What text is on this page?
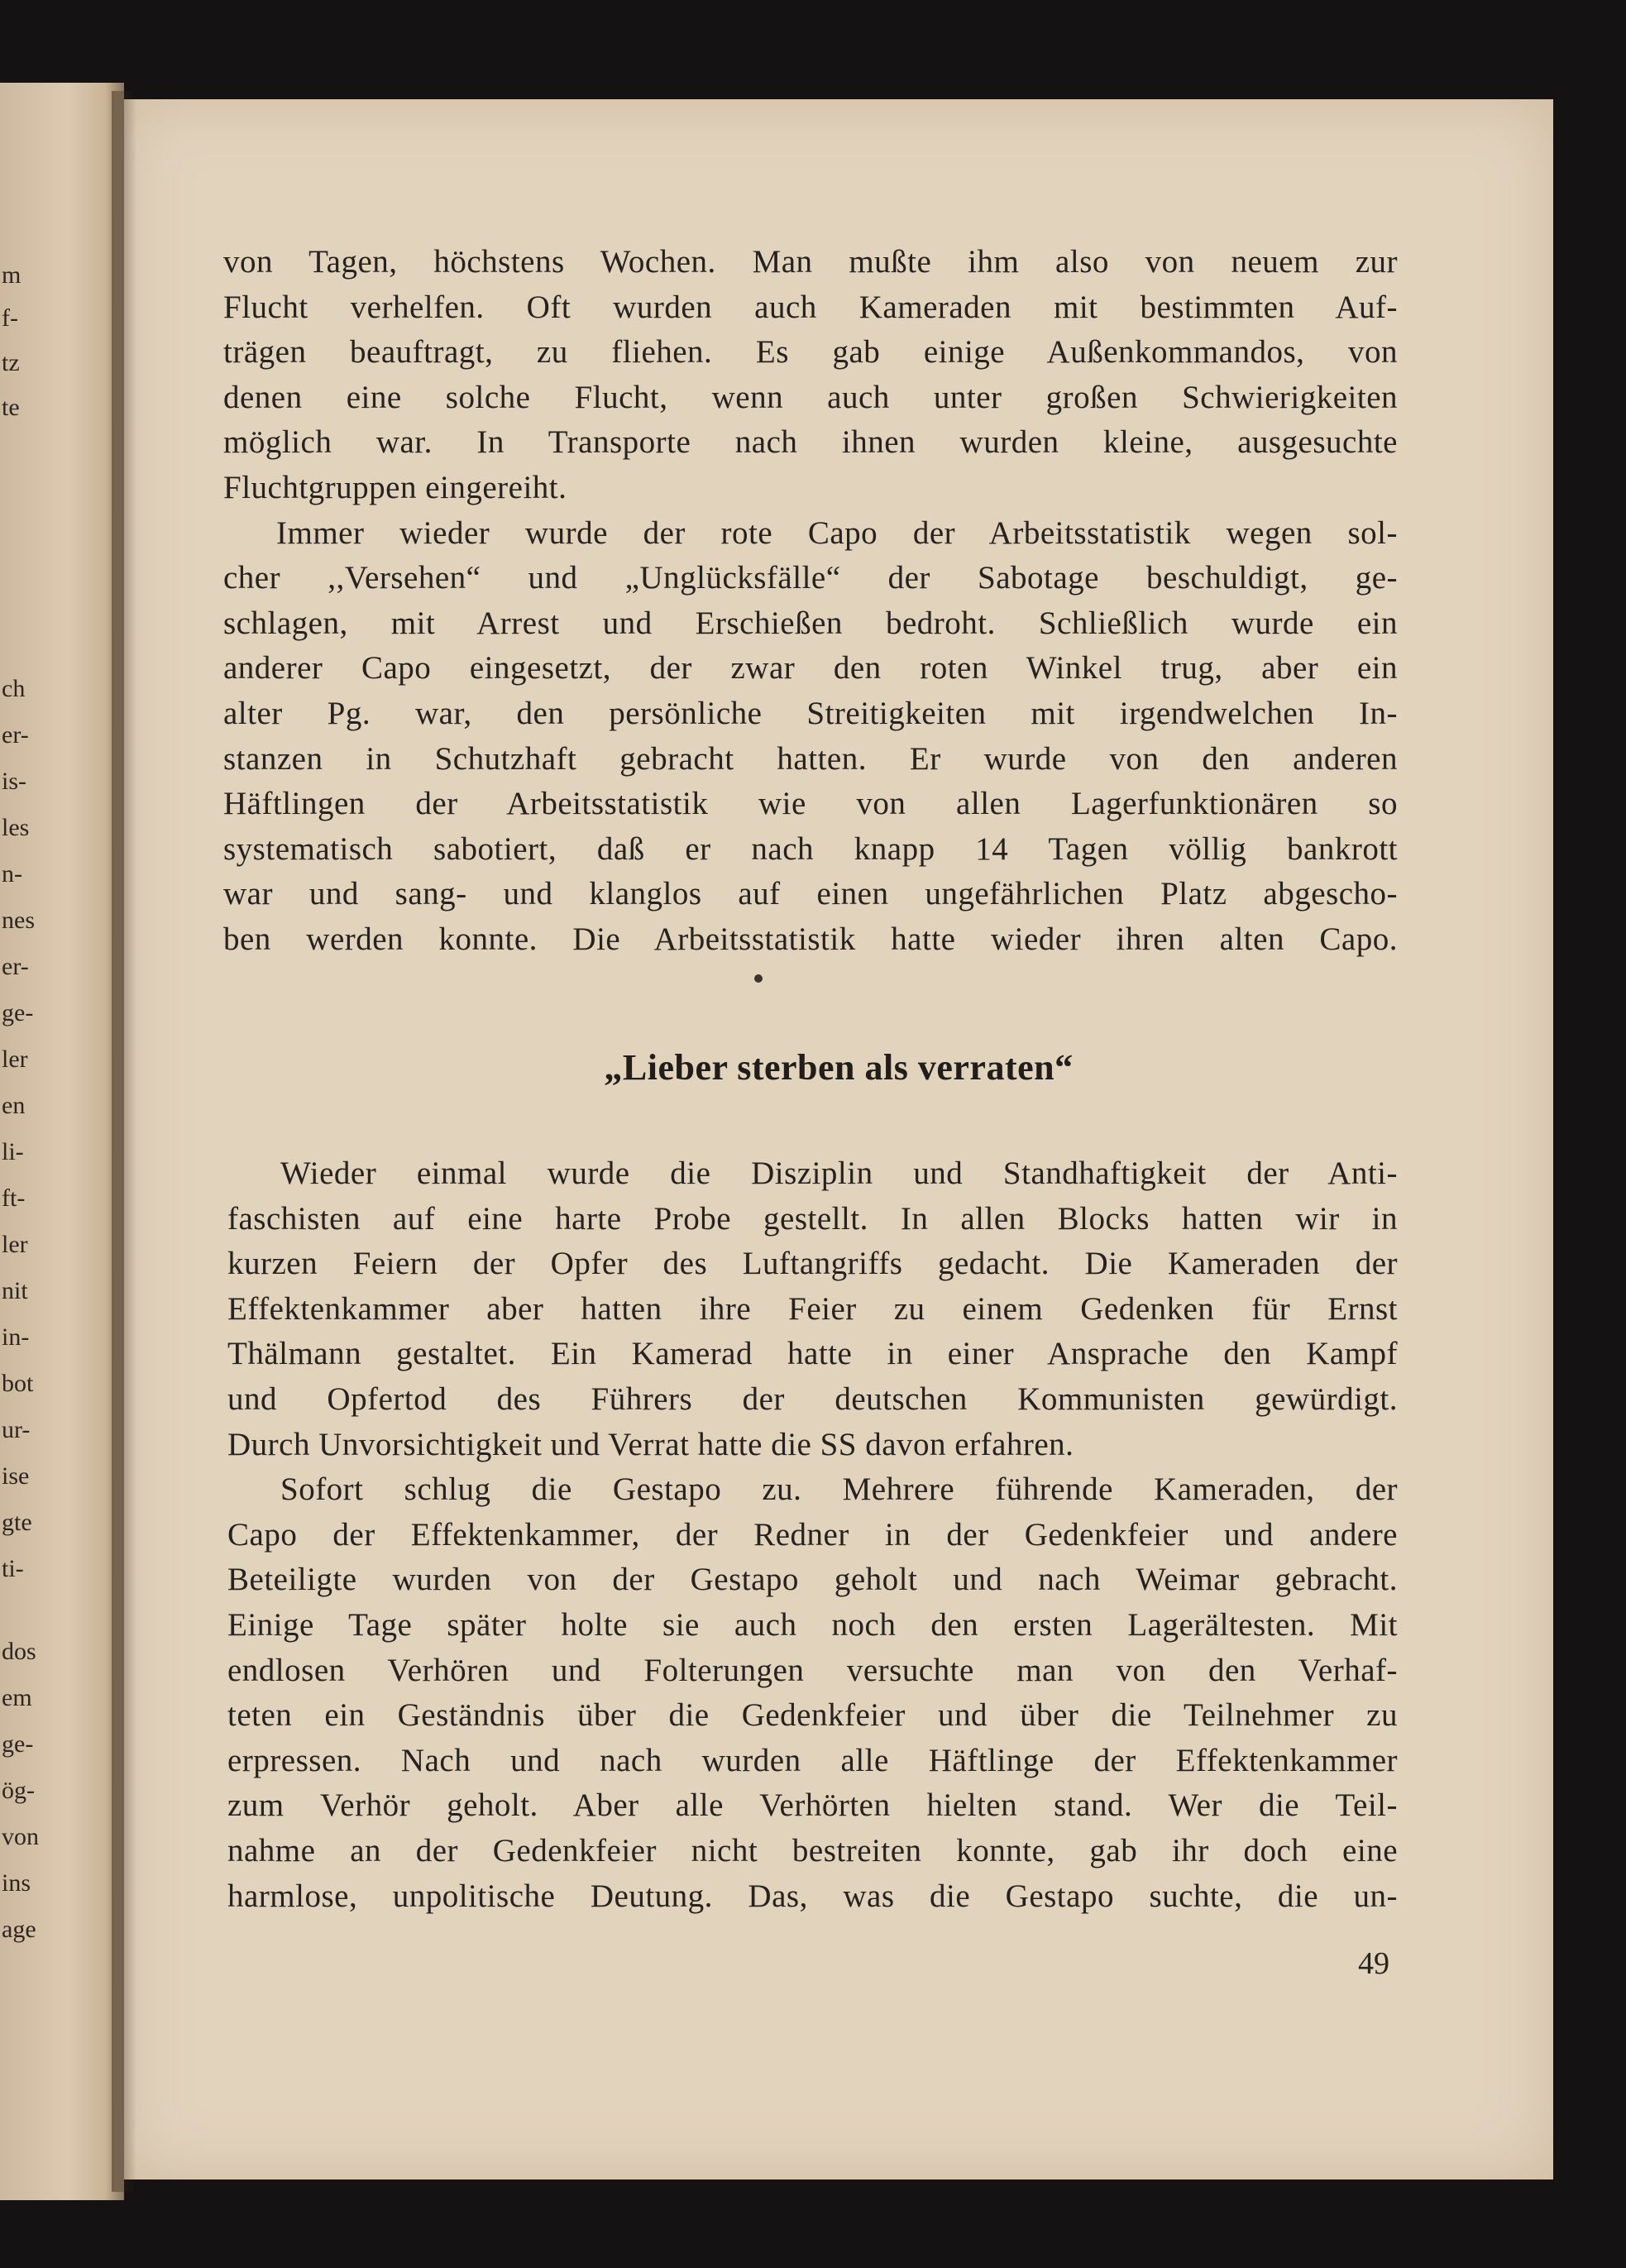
m
f-
tz
te
ch
er-
is-
les
n-
nes
er-
ge-
ler
en
li-
ft-
ler
nit
in-
bot
ur-
ise
gte
ti-
dos
em
ge-
ög-
von
ins
age
von Tagen, höchstens Wochen. Man mußte ihm also von neuem zur
Flucht verhelfen. Oft wurden auch Kameraden mit bestimmten Auf-
trägen beauftragt, zu fliehen. Es gab einige Außenkommandos, von
denen eine solche Flucht, wenn auch unter großen Schwierigkeiten
möglich war. In Transporte nach ihnen wurden kleine, ausgesuchte
Fluchtgruppen eingereiht.
Immer wieder wurde der rote Capo der Arbeitsstatistik wegen sol-
cher ,,Versehen“ und „Unglücksfälle“ der Sabotage beschuldigt, ge-
schlagen, mit Arrest und Erschießen bedroht. Schließlich wurde ein
anderer Capo eingesetzt, der zwar den roten Winkel trug, aber ein
alter Pg. war, den persönliche Streitigkeiten mit irgendwelchen In-
stanzen in Schutzhaft gebracht hatten. Er wurde von den anderen
Häftlingen der Arbeitsstatistik wie von allen Lagerfunktionären so
systematisch sabotiert, daß er nach knapp 14 Tagen völlig bankrott
war und sang- und klanglos auf einen ungefährlichen Platz abgescho-
ben werden konnte. Die Arbeitsstatistik hatte wieder ihren alten Capo.
„Lieber sterben als verraten“
Wieder einmal wurde die Disziplin und Standhaftigkeit der Anti-
faschisten auf eine harte Probe gestellt. In allen Blocks hatten wir in
kurzen Feiern der Opfer des Luftangriffs gedacht. Die Kameraden der
Effektenkammer aber hatten ihre Feier zu einem Gedenken für Ernst
Thälmann gestaltet. Ein Kamerad hatte in einer Ansprache den Kampf
und Opfertod des Führers der deutschen Kommunisten gewürdigt.
Durch Unvorsichtigkeit und Verrat hatte die SS davon erfahren.
Sofort schlug die Gestapo zu. Mehrere führende Kameraden, der
Capo der Effektenkammer, der Redner in der Gedenkfeier und andere
Beteiligte wurden von der Gestapo geholt und nach Weimar gebracht.
Einige Tage später holte sie auch noch den ersten Lagerältesten. Mit
endlosen Verhören und Folterungen versuchte man von den Verhaf-
teten ein Geständnis über die Gedenkfeier und über die Teilnehmer zu
erpressen. Nach und nach wurden alle Häftlinge der Effektenkammer
zum Verhör geholt. Aber alle Verhörten hielten stand. Wer die Teil-
nahme an der Gedenkfeier nicht bestreiten konnte, gab ihr doch eine
harmlose, unpolitische Deutung. Das, was die Gestapo suchte, die un-
49
